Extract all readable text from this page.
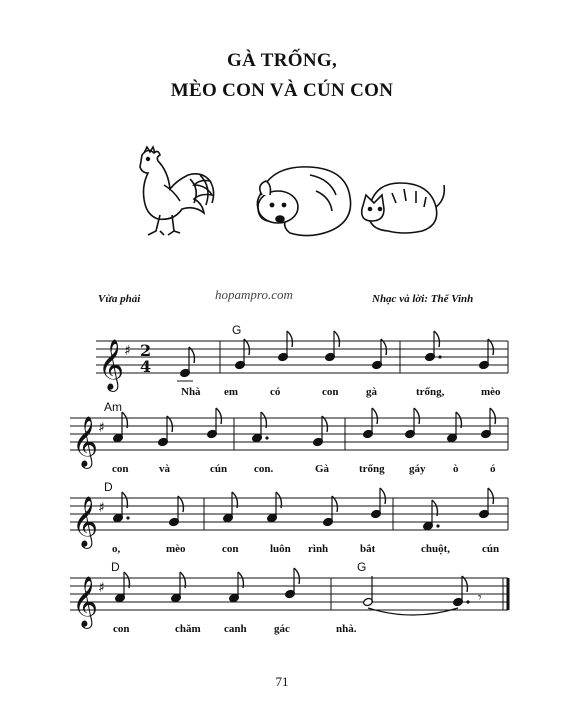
GÀ TRỐNG,
MÈO CON VÀ CÚN CON
Vừa phải	hopampro.com	Nhạc và lời: Thế Vinh
𝄞 ♯ 2
4
G
Nhà em	có	con	gà	trống,	mèo
𝄞 ♯
Am
con	và	cún con.	Gà	trống gáy	ò	ó
𝄞 ♯
D
o,	mèo	con	luôn rình	bắt	chuột,	cún
𝄞 ♯
𝄾
D	G
con	chăm canh gác	nhà.
71
